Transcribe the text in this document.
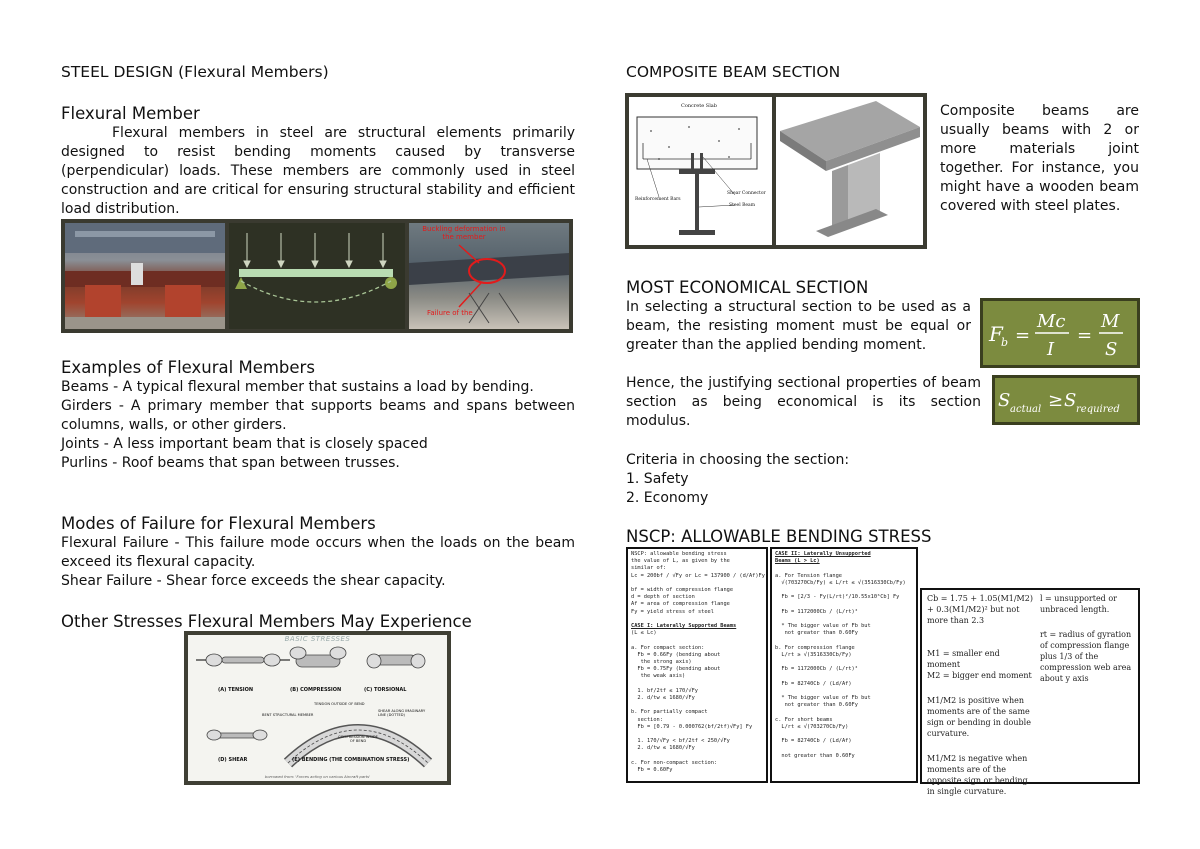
STEEL DESIGN (Flexural Members)
Flexural Member

Flexural members in steel are structural elements primarily designed to resist bending moments caused by transverse (perpendicular) loads. These members are commonly used in steel construction and are critical for ensuring structural stability and efficient load distribution.

Buckling deformation in the member
Failure of the
Examples of Flexural Members

Beams - A typical flexural member that sustains a load by bending.

Girders - A primary member that supports beams and spans between columns, walls, or other girders.

Joints - A less important beam that is closely spaced

Purlins - Roof beams that span between trusses.

Modes of Failure for Flexural Members

Flexural Failure - This failure mode occurs when the loads on the beam exceed its flexural capacity.

Shear Failure - Shear force exceeds the shear capacity.

Other Stresses Flexural Members May Experience
BASIC STRESSES
(A) TENSION	(B) COMPRESSION	(C) TORSIONAL
(D) SHEAR	(E) BENDING (THE COMBINATION STRESS)
TENSION OUTSIDE OF BEND
BENT STRUCTURAL MEMBER
SHEAR ALONG IMAGINARY LINE (DOTTED)
COMPRESSION INSIDE OF BEND
borrowed from: 'Forces acting on various Aircraft parts'
COMPOSITE BEAM SECTION
Concrete Slab
Shear Connector
Reinforcement Bars
Steel Beam
Composite beams are usually beams with 2 or more materials joint together. For instance, you might have a wooden beam covered with steel plates.
MOST ECONOMICAL SECTION

In selecting a structural section to be used as a beam, the resisting moment must be equal or greater than the applied bending moment.

Hence, the justifying sectional properties of beam section as being economical is its section modulus.

F
b =
Mc
I
=
M
S
S actual ≥ S required

Criteria in choosing the section:

1. Safety

2. Economy

NSCP: ALLOWABLE BENDING STRESS
NSCP: allowable bending stress
the value of L, as given by the
similar of:
Lc = 200bf / √Fy or Lc = 137900 / (d/Af)Fy

bf = width of compression flange
d = depth of section
Af = area of compression flange
Fy = yield stress of steel

CASE I: Laterally Supported Beams
(L ≤ Lc)

a. For compact section:
Fb = 0.66Fy (bending about
the strong axis)
Fb = 0.75Fy (bending about
the weak axis)

1. bf/2tf ≤ 170/√Fy
2. d/tw ≤ 1680/√Fy

b. For partially compact
section:
Fb = [0.79 - 0.000762(bf/2tf)√Fy] Fy

1. 170/√Fy < bf/2tf < 250/√Fy
2. d/tw ≤ 1680/√Fy

c. For non-compact section:
Fb = 0.60Fy
CASE II: Laterally Unsupported
Beams (L > Lc)

a. For Tension flange
√(703270Cb/Fy) ≤ L/rt ≤ √(3516330Cb/Fy)

Fb = [2/3 - Fy(L/rt)²/10.55x10⁶Cb] Fy

Fb = 1172000Cb / (L/rt)²

* The bigger value of Fb but
not greater than 0.60Fy

b. For compression flange
L/rt ≥ √(3516330Cb/Fy)

Fb = 1172000Cb / (L/rt)²

Fb = 82740Cb / (Ld/Af)

* The bigger value of Fb but
not greater than 0.60Fy

c. For short beams
L/rt ≤ √(703270Cb/Fy)

Fb = 82740Cb / (Ld/Af)

not greater than 0.60Fy
Cb = 1.75 + 1.05(M1/M2) + 0.3(M1/M2)² but not more than 2.3
M1 = smaller end moment
M2 = bigger end moment
M1/M2 is positive when moments are of the same sign or bending in double curvature.
M1/M2 is negative when moments are of the opposite sign or bending in single curvature.
l = unsupported or unbraced length.
rt = radius of gyration of compression flange plus 1/3 of the compression web area about y axis
